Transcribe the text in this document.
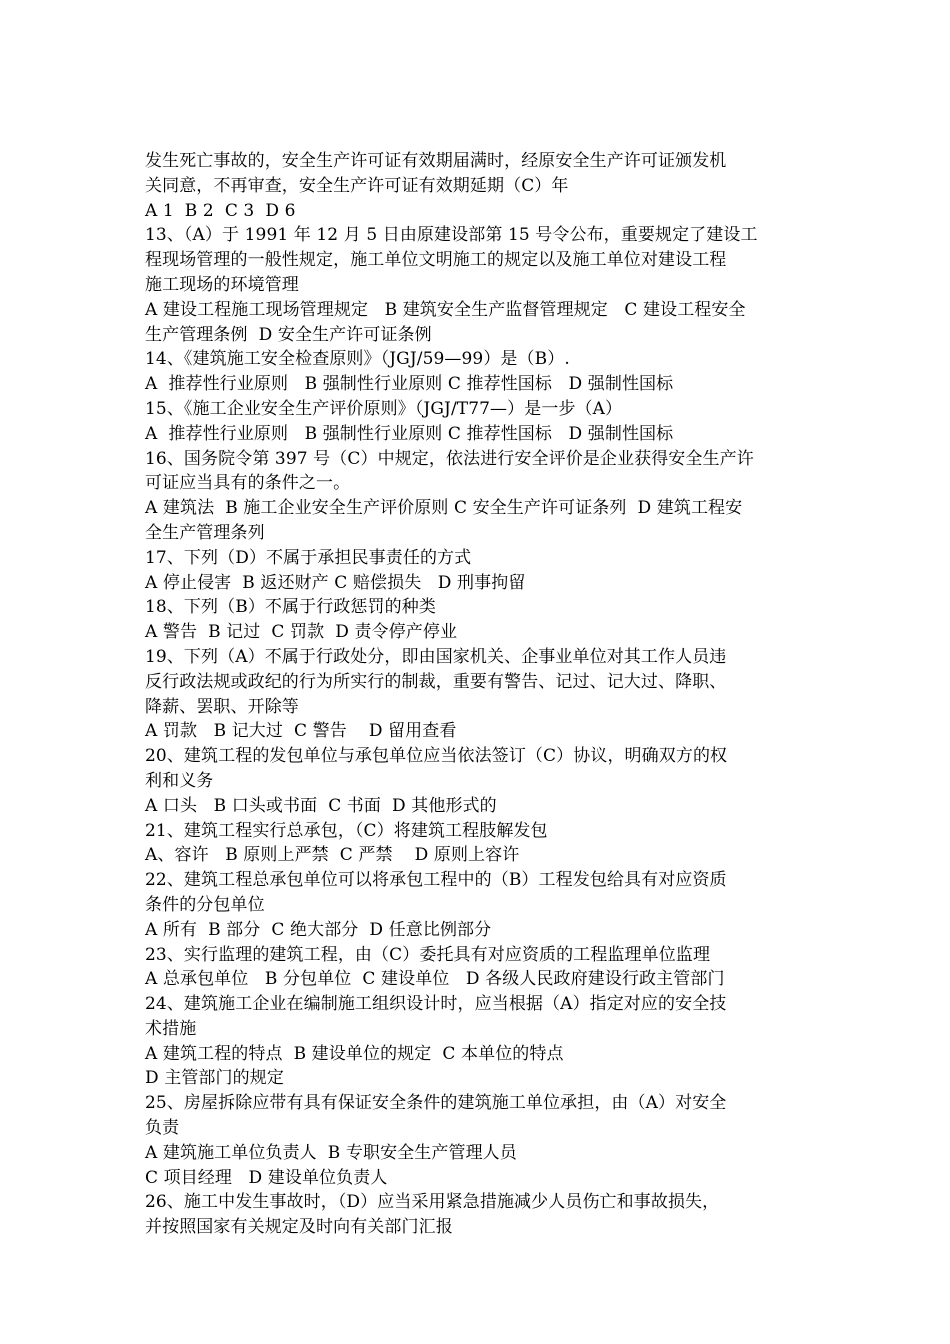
发生死亡事故的，安全生产许可证有效期届满时，经原安全生产许可证颁发机

关同意，不再审查，安全生产许可证有效期延期（C）年

A 1  B 2  C 3  D 6

13、（A）于 1991 年 12 月 5 日由原建设部第 15 号令公布，重要规定了建设工

程现场管理的一般性规定，施工单位文明施工的规定以及施工单位对建设工程

施工现场的环境管理

A 建设工程施工现场管理规定   B 建筑安全生产监督管理规定   C 建设工程安全

生产管理条例  D 安全生产许可证条例

14、《建筑施工安全检查原则》（JGJ/59—99）是（B）.

A  推荐性行业原则   B 强制性行业原则 C 推荐性国标   D 强制性国标

15、《施工企业安全生产评价原则》（JGJ/T77—）是一步（A）

A  推荐性行业原则   B 强制性行业原则 C 推荐性国标   D 强制性国标

16、国务院令第 397 号（C）中规定，依法进行安全评价是企业获得安全生产许

可证应当具有的条件之一。

A 建筑法  B 施工企业安全生产评价原则 C 安全生产许可证条列  D 建筑工程安

全生产管理条列

17、下列（D）不属于承担民事责任的方式

A 停止侵害  B 返还财产 C 赔偿损失   D 刑事拘留

18、下列（B）不属于行政惩罚的种类

A 警告  B 记过  C 罚款  D 责令停产停业

19、下列（A）不属于行政处分，即由国家机关、企事业单位对其工作人员违

反行政法规或政纪的行为所实行的制裁，重要有警告、记过、记大过、降职、

降薪、罢职、开除等

A 罚款   B 记大过  C 警告    D 留用查看

20、建筑工程的发包单位与承包单位应当依法签订（C）协议，明确双方的权

利和义务

A 口头   B 口头或书面  C 书面  D 其他形式的

21、建筑工程实行总承包，（C）将建筑工程肢解发包

A、容许   B 原则上严禁  C 严禁    D 原则上容许

22、建筑工程总承包单位可以将承包工程中的（B）工程发包给具有对应资质

条件的分包单位

A 所有  B 部分  C 绝大部分  D 任意比例部分

23、实行监理的建筑工程，由（C）委托具有对应资质的工程监理单位监理

A 总承包单位   B 分包单位  C 建设单位   D 各级人民政府建设行政主管部门

24、建筑施工企业在编制施工组织设计时，应当根据（A）指定对应的安全技

术措施

A 建筑工程的特点  B 建设单位的规定  C 本单位的特点

D 主管部门的规定

25、房屋拆除应带有具有保证安全条件的建筑施工单位承担，由（A）对安全

负责

A 建筑施工单位负责人  B 专职安全生产管理人员

C 项目经理   D 建设单位负责人

26、施工中发生事故时，（D）应当采用紧急措施减少人员伤亡和事故损失，

并按照国家有关规定及时向有关部门汇报
